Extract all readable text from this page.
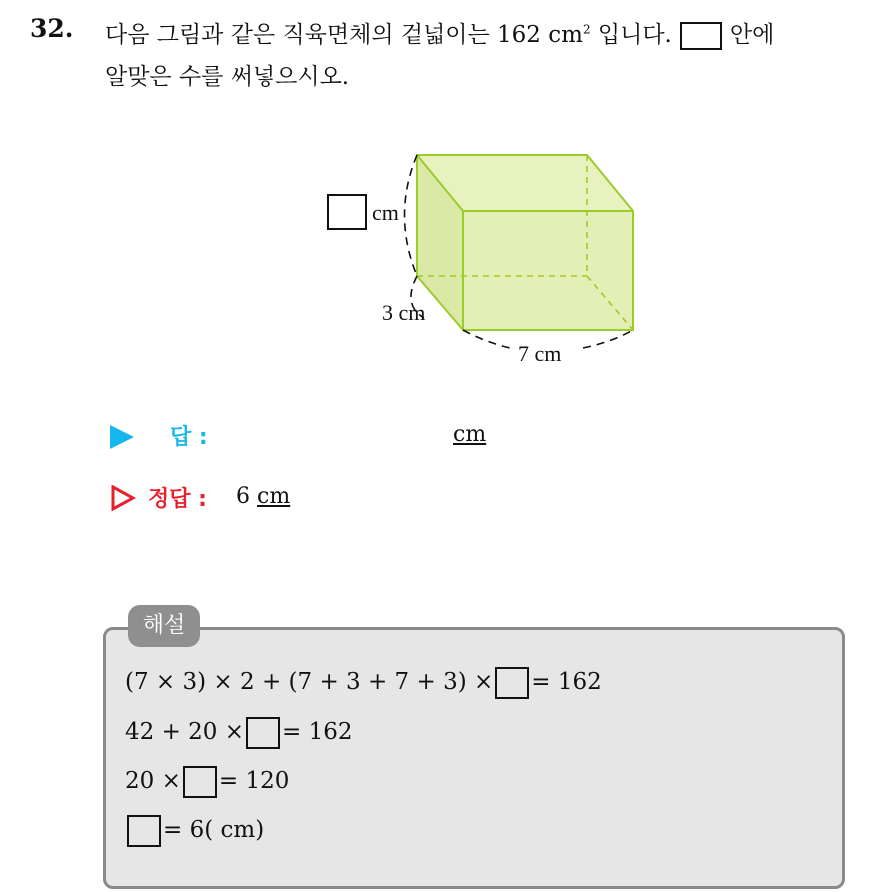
32. 다음 그림과 같은 직육면체의 겉넓이는 162 $cm^2$ 입니다.	안에
알맞은 수를 써넣으시오.
cm
3 cm
7 cm
답 :	cm
정답 : 6 cm
해설
(7 × 3) × 2 + (7 + 3 + 7 + 3) × = 162
42 + 20 × = 162
20 × = 120
= 6( cm)
